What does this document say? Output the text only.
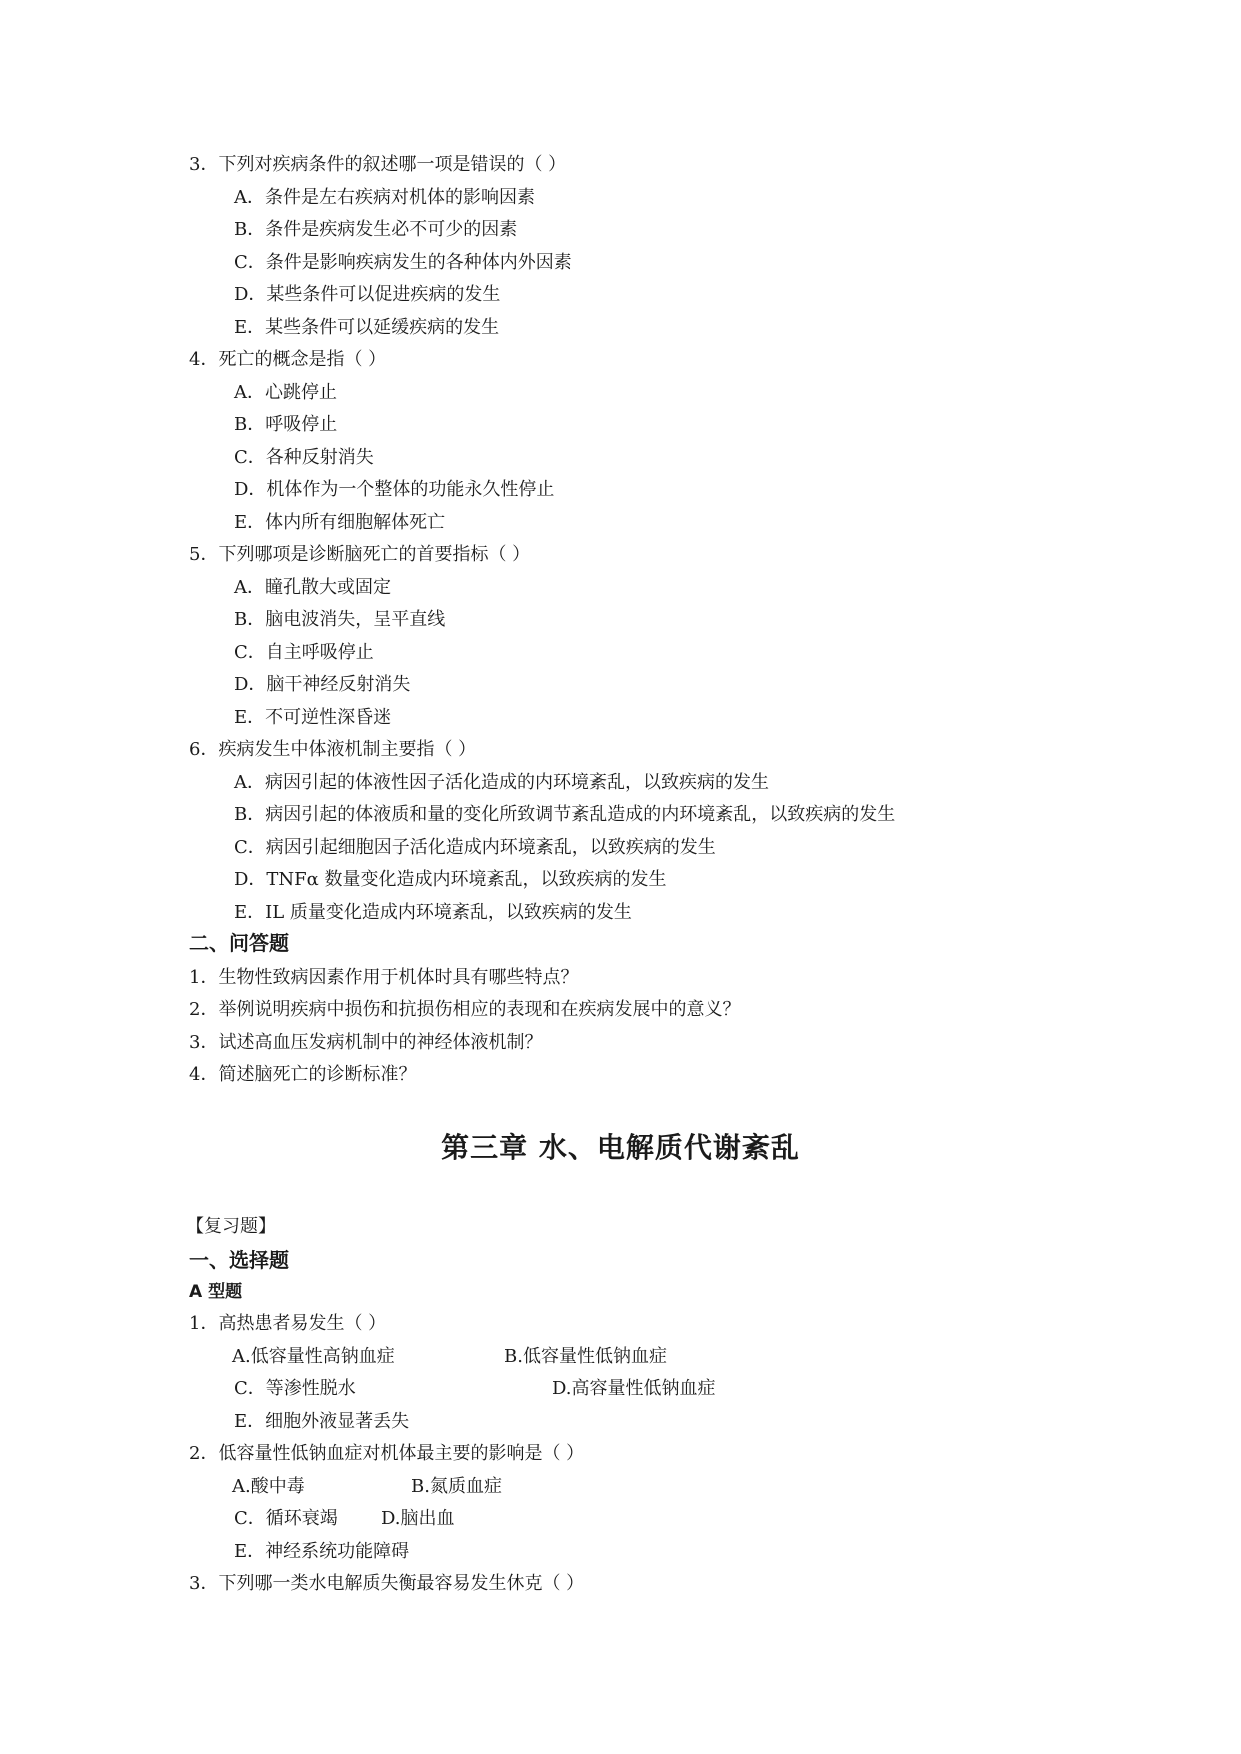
3．下列对疾病条件的叙述哪一项是错误的（ ）
A．条件是左右疾病对机体的影响因素
B．条件是疾病发生必不可少的因素
C．条件是影响疾病发生的各种体内外因素
D．某些条件可以促进疾病的发生
E．某些条件可以延缓疾病的发生
4．死亡的概念是指（ ）
A．心跳停止
B．呼吸停止
C．各种反射消失
D．机体作为一个整体的功能永久性停止
E．体内所有细胞解体死亡
5．下列哪项是诊断脑死亡的首要指标（ ）
A．瞳孔散大或固定
B．脑电波消失，呈平直线
C．自主呼吸停止
D．脑干神经反射消失
E．不可逆性深昏迷
6．疾病发生中体液机制主要指（ ）
A．病因引起的体液性因子活化造成的内环境紊乱，以致疾病的发生
B．病因引起的体液质和量的变化所致调节紊乱造成的内环境紊乱，以致疾病的发生
C．病因引起细胞因子活化造成内环境紊乱，以致疾病的发生
D．TNFα 数量变化造成内环境紊乱，以致疾病的发生
E．IL 质量变化造成内环境紊乱，以致疾病的发生
二、问答题
1．生物性致病因素作用于机体时具有哪些特点？
2．举例说明疾病中损伤和抗损伤相应的表现和在疾病发展中的意义？
3．试述高血压发病机制中的神经体液机制？
4．简述脑死亡的诊断标准？
第三章 水、电解质代谢紊乱
【复习题】
一、选择题
A 型题
1．高热患者易发生（ ）
A.低容量性高钠血症	B.低容量性低钠血症
C．等渗性脱水	D.高容量性低钠血症
E．细胞外液显著丢失
2．低容量性低钠血症对机体最主要的影响是（ ）
A.酸中毒	B.氮质血症
C．循环衰竭 D.脑出血
E．神经系统功能障碍
3．下列哪一类水电解质失衡最容易发生休克（ ）
